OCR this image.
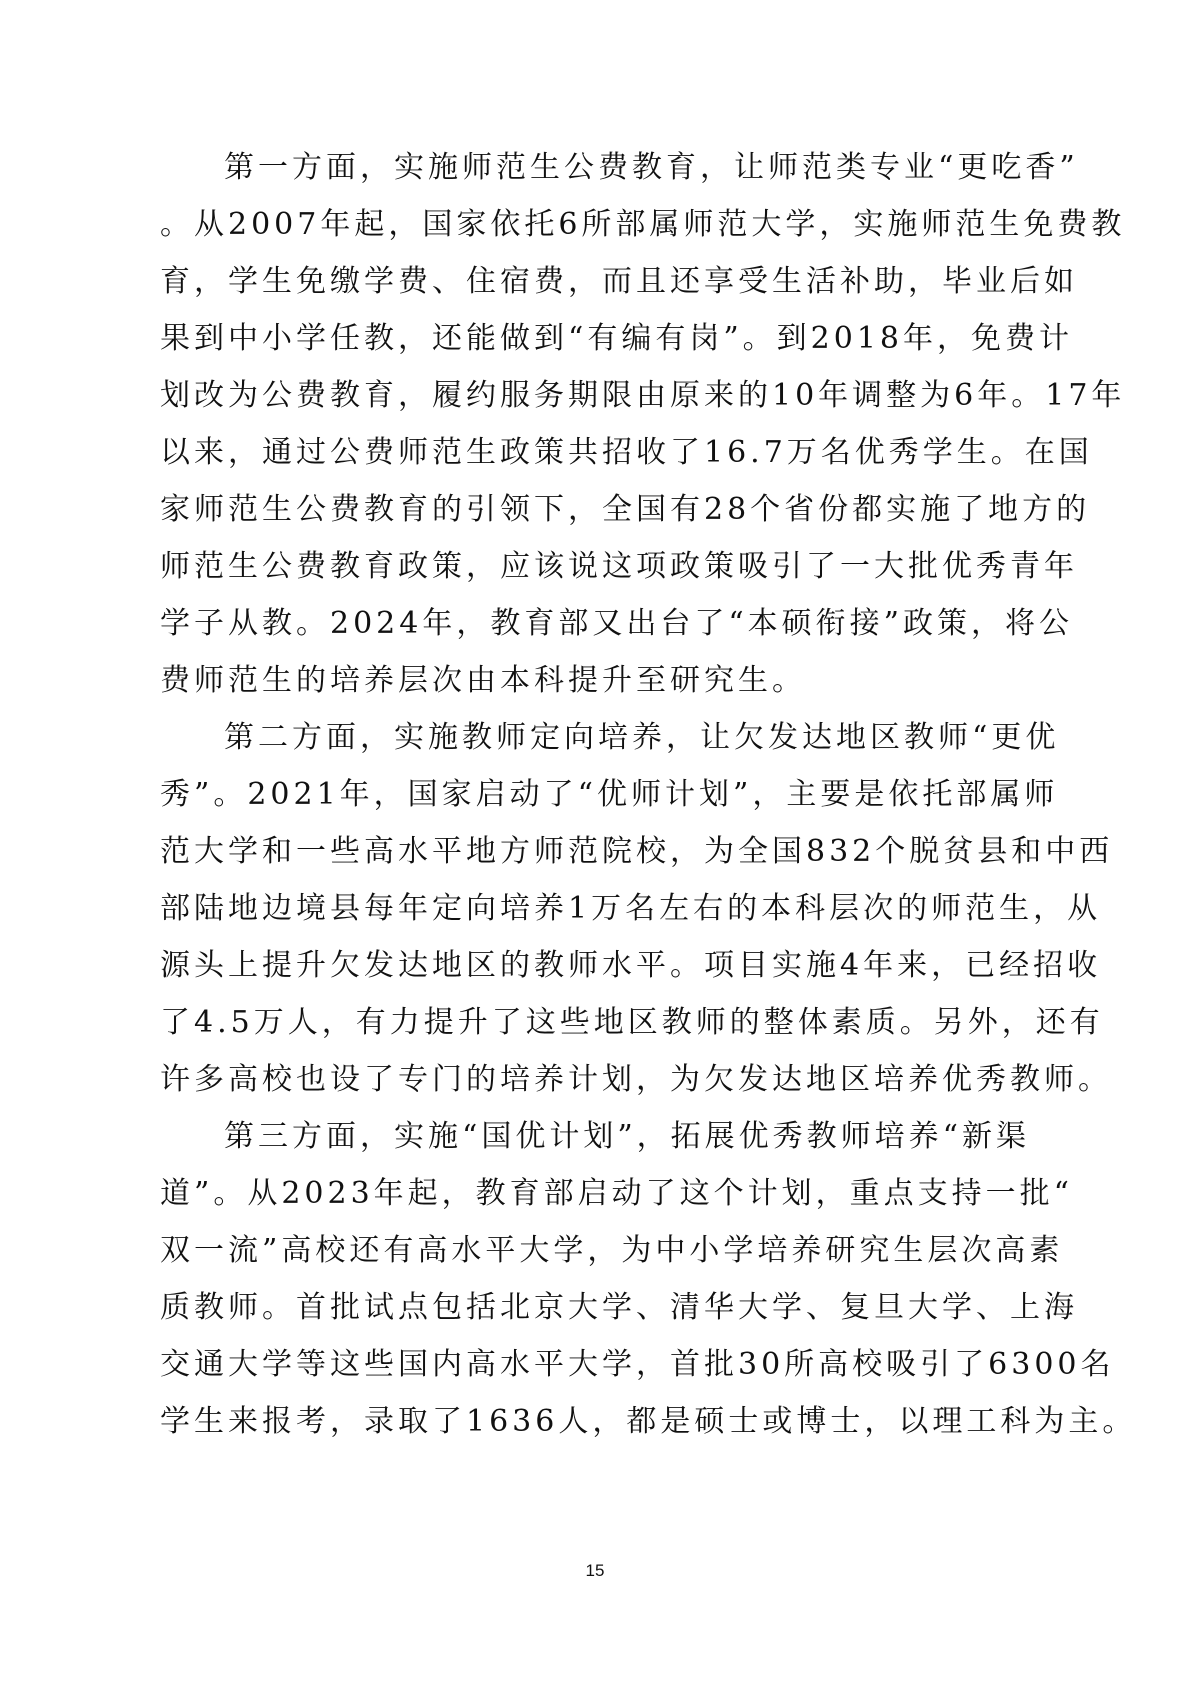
第一方面，实施师范生公费教育，让师范类专业“更吃香”
。从2007年起，国家依托6所部属师范大学，实施师范生免费教
育，学生免缴学费、住宿费，而且还享受生活补助，毕业后如
果到中小学任教，还能做到“有编有岗”。到2018年，免费计
划改为公费教育，履约服务期限由原来的10年调整为6年。17年
以来，通过公费师范生政策共招收了16.7万名优秀学生。在国
家师范生公费教育的引领下，全国有28个省份都实施了地方的
师范生公费教育政策，应该说这项政策吸引了一大批优秀青年
学子从教。2024年，教育部又出台了“本硕衔接”政策，将公
费师范生的培养层次由本科提升至研究生。
第二方面，实施教师定向培养，让欠发达地区教师“更优
秀”。2021年，国家启动了“优师计划”，主要是依托部属师
范大学和一些高水平地方师范院校，为全国832个脱贫县和中西
部陆地边境县每年定向培养1万名左右的本科层次的师范生，从
源头上提升欠发达地区的教师水平。项目实施4年来，已经招收
了4.5万人，有力提升了这些地区教师的整体素质。另外，还有
许多高校也设了专门的培养计划，为欠发达地区培养优秀教师。
第三方面，实施“国优计划”，拓展优秀教师培养“新渠
道”。从2023年起，教育部启动了这个计划，重点支持一批“
双一流”高校还有高水平大学，为中小学培养研究生层次高素
质教师。首批试点包括北京大学、清华大学、复旦大学、上海
交通大学等这些国内高水平大学，首批30所高校吸引了6300名
学生来报考，录取了1636人，都是硕士或博士，以理工科为主。
15
